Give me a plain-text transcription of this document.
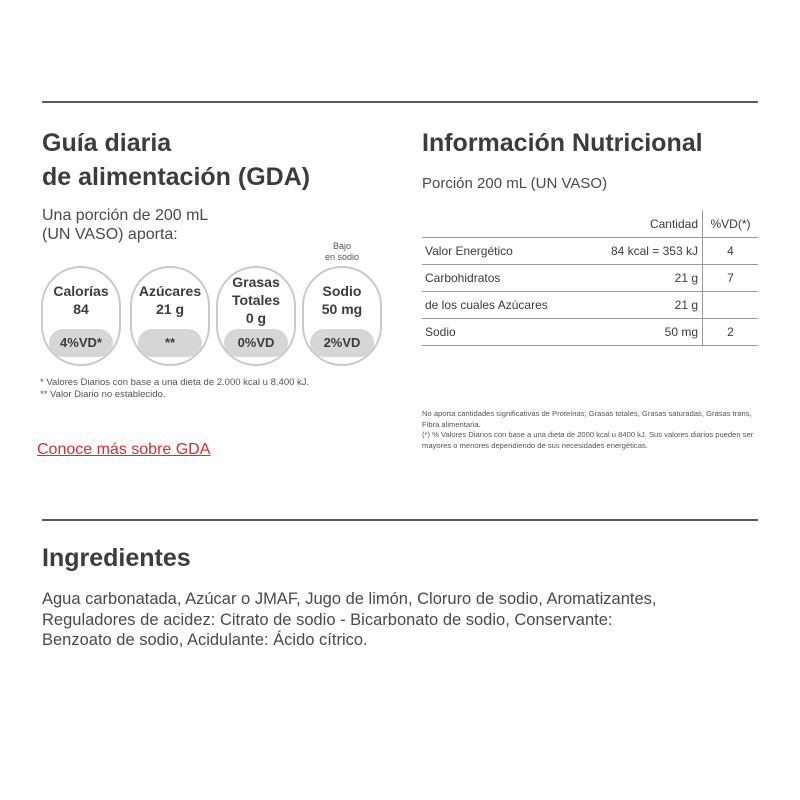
Guía diaria
de alimentación (GDA)
Una porción de 200 mL
(UN VASO) aporta:
Bajo
en sodio
Calorías
84
4%VD*
Azúcares
21 g
**
Grasas
Totales
0 g
0%VD
Sodio
50 mg
2%VD
* Valores Diarios con base a una dieta de 2.000 kcal u 8.400 kJ.
** Valor Diario no establecido.
Conoce más sobre GDA
Información Nutricional
Porción 200 mL (UN VASO)
	Cantidad	%VD(*)
Valor Energético	84 kcal = 353 kJ	4
Carbohidratos	21 g	7
de los cuales Azúcares	21 g	
Sodio	50 mg	2
No aporta cantidades significativas de Proteínas, Grasas totales, Grasas saturadas, Grasas trans, Fibra alimentaria.
(*) % Valores Diarios con base a una dieta de 2000 kcal u 8400 kJ. Sus valores diarios pueden ser mayores o menores dependiendo de sus necesidades energéticas.
Ingredientes
Agua carbonatada, Azúcar o JMAF, Jugo de limón, Cloruro de sodio, Aromatizantes,
Reguladores de acidez: Citrato de sodio - Bicarbonato de sodio, Conservante:
Benzoato de sodio, Acidulante: Ácido cítrico.
